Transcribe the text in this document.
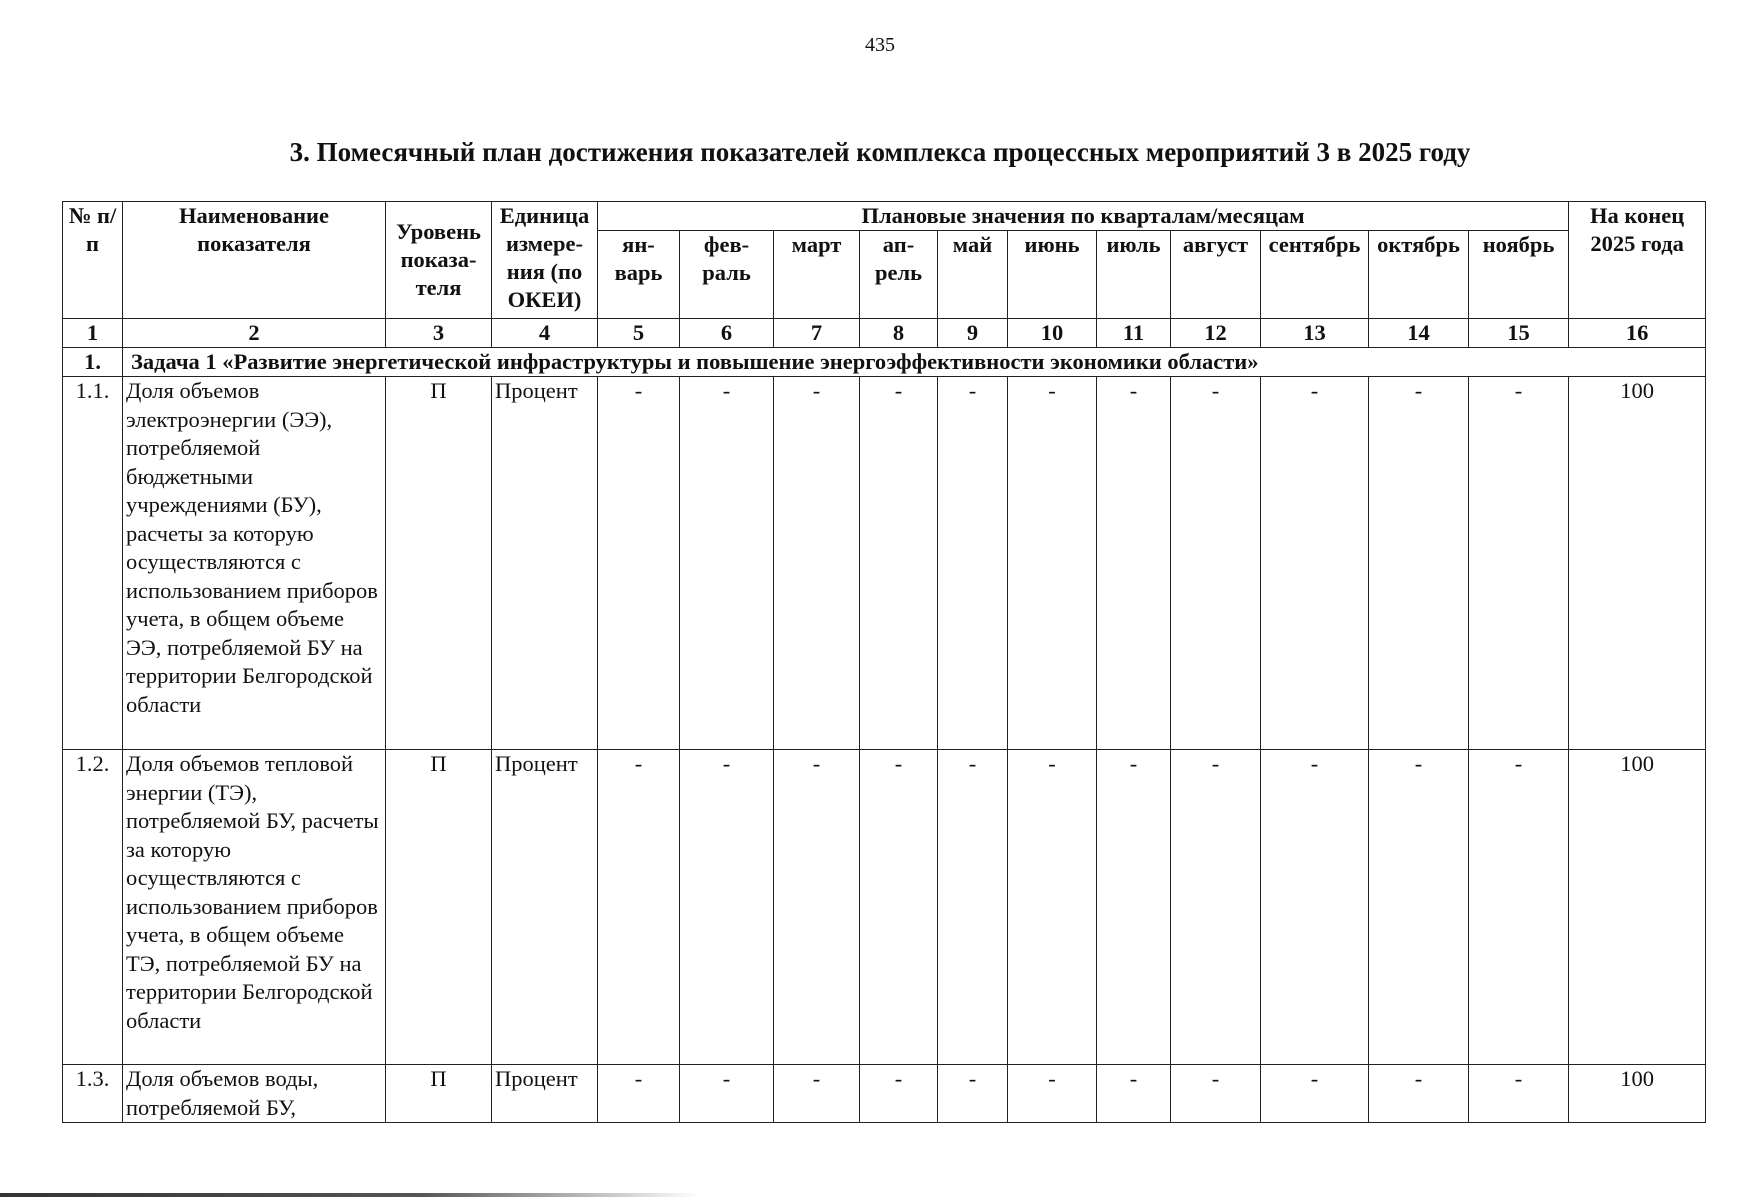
435
3. Помесячный план достижения показателей комплекса процессных мероприятий 3 в 2025 году
№ п/п	Наименование показателя	Уровень показа-теля	Единица измере-ния (по ОКЕИ)	Плановые значения по кварталам/месяцам											На конец 2025 года
				ян-варь	фев-раль	март	ап-рель	май	июнь	июль	август	сентябрь	октябрь	ноябрь	
1	2	3	4	5	6	7	8	9	10	11	12	13	14	15	16
1.	Задача 1 «Развитие энергетической инфраструктуры и повышение энергоэффективности экономики области»														
1.1.	Доля объемов электроэнергии (ЭЭ), потребляемой бюджетными учреждениями (БУ), расчеты за которую осуществляются с использованием приборов учета, в общем объеме ЭЭ, потребляемой БУ на территории Белгородской области	П	Процент	-	-	-	-	-	-	-	-	-	-	-	100
1.2.	Доля объемов тепловой энергии (ТЭ), потребляемой БУ, расчеты за которую осуществляются с использованием приборов учета, в общем объеме ТЭ, потребляемой БУ на территории Белгородской области	П	Процент	-	-	-	-	-	-	-	-	-	-	-	100
1.3.	Доля объемов воды, потребляемой БУ,	П	Процент	-	-	-	-	-	-	-	-	-	-	-	100
